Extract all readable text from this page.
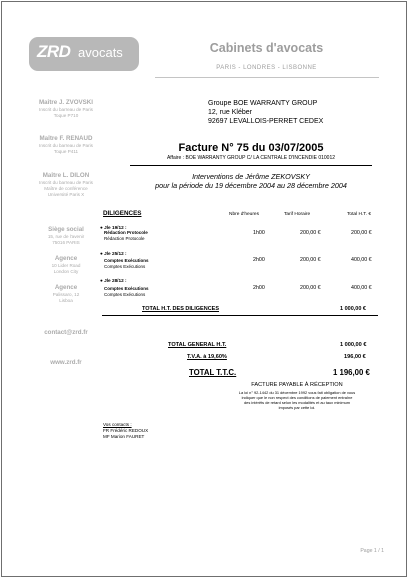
ZRD avocats	Cabinets d'avocats
PARIS - LONDRES - LISBONNE
Maître J. ZVOVSKI
Inscrit du barreau de Paris
Toque P710
Maître F. RENAUD
Inscrit du barreau de Paris
Toque P411
Maître L. DILON
Inscrit du barreau de Paris
Maître de conférence
Université Paris X
Siège social
15, rue de l'avenir
75016 PARIS
Agence
10 Lider Road
London City
Agence
Palissaro, 12
Lisboa
contact@zrd.fr
www.zrd.fr
Groupe BOE WARRANTY GROUP
12, rue Kléber
92697 LEVALLOIS-PERRET CEDEX
Facture N° 75 du 03/07/2005
Affaire : BOE WARRANTY GROUP C/ LA CENTRALE D'INCENDIE 010012
Interventions de Jérôme ZEKOVSKY
pour la période du 19 décembre 2004 au 28 décembre 2004
DILIGENCES	Nbre d'heures	Tarif Horaire	Total H.T. €
● Jle 19/12 :
Rédaction Protocole
Rédaction Protocole
1h00	200,00 €	200,00 €
● Jle 25/12 :
Comptes Exécutions
Comptes Exécutions
2h00	200,00 €	400,00 €
● Jle 28/12 :
Comptes Exécutions
Comptes Exécutions
2h00	200,00 €	400,00 €
TOTAL H.T. DES DILIGENCES	1 000,00 €
TOTAL GENERAL H.T.	1 000,00 €
T.V.A. à 19,60%	196,00 €
TOTAL T.T.C.	1 196,00 €
FACTURE PAYABLE À RÉCEPTION
La loi n° 92-1442 du 31 décembre 1992 vous fait obligation de vous indiquer que le non respect des conditions de paiement entraîne des intérêts de retard selon les modalités et au taux minimum imposés par cette loi.
Vos contacts :
FR Frédéric REDOUX
MF Marion FAURET
Page 1 / 1
